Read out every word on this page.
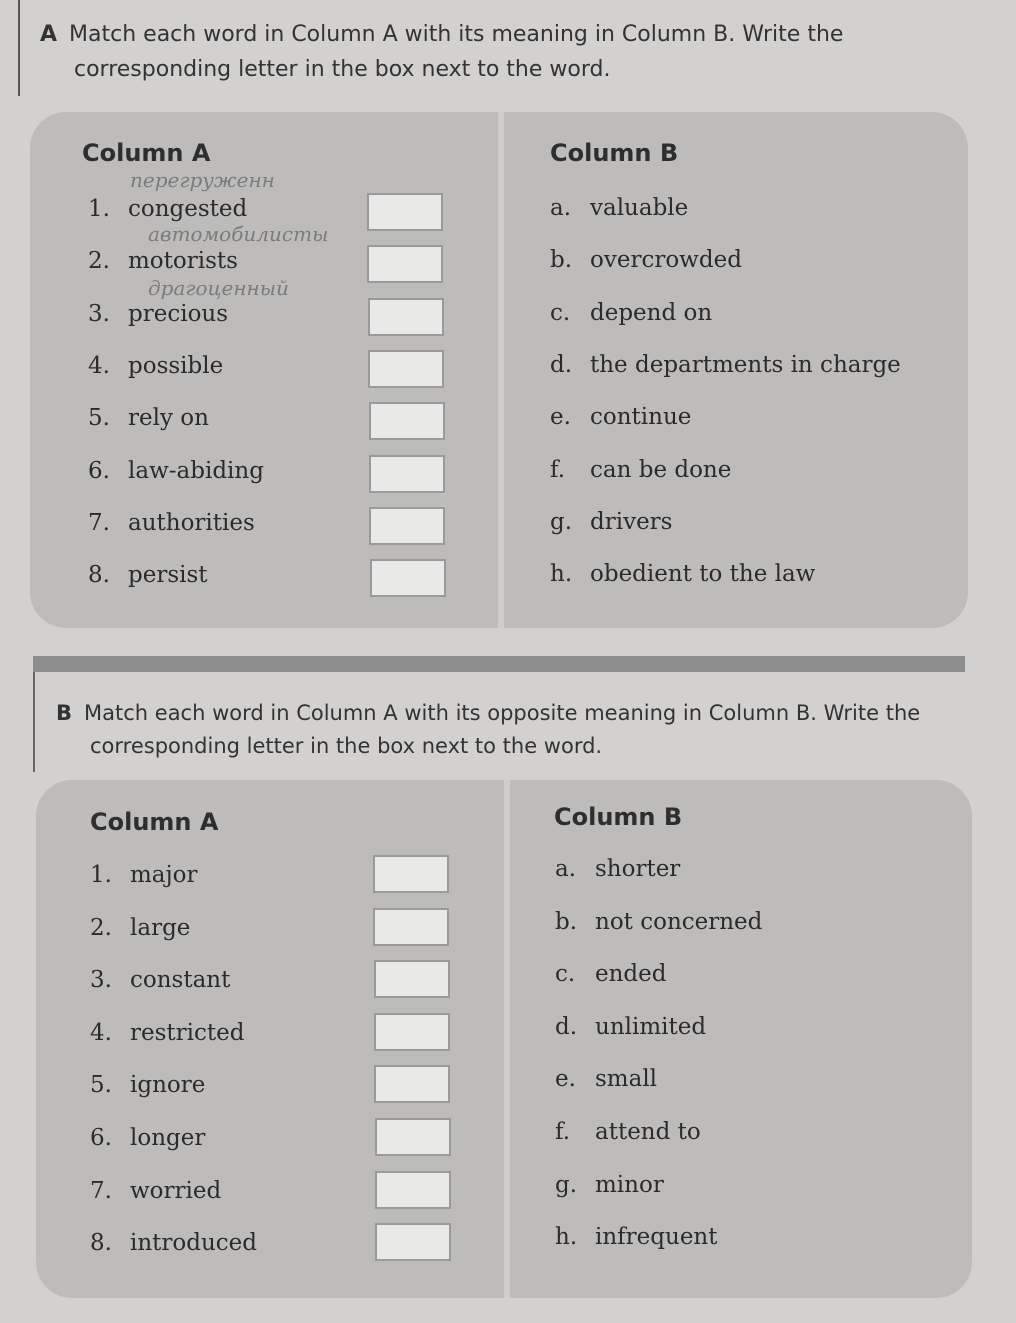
A Match each word in Column A with its meaning in Column B. Write the
corresponding letter in the box next to the word.
Column A	Column B
перегруженн
автомобилисты
драгоценный
1. congested	a. valuable
2. motorists	b. overcrowded
3. precious	c. depend on
4. possible	d. the departments in charge
5. rely on	e. continue
6. law-abiding	f. can be done
7. authorities	g. drivers
8. persist	h. obedient to the law
B Match each word in Column A with its opposite meaning in Column B. Write the
corresponding letter in the box next to the word.
Column A	Column B
1. major	a. shorter
2. large	b. not concerned
3. constant	c. ended
4. restricted	d. unlimited
5. ignore	e. small
6. longer	f. attend to
7. worried	g. minor
8. introduced	h. infrequent
